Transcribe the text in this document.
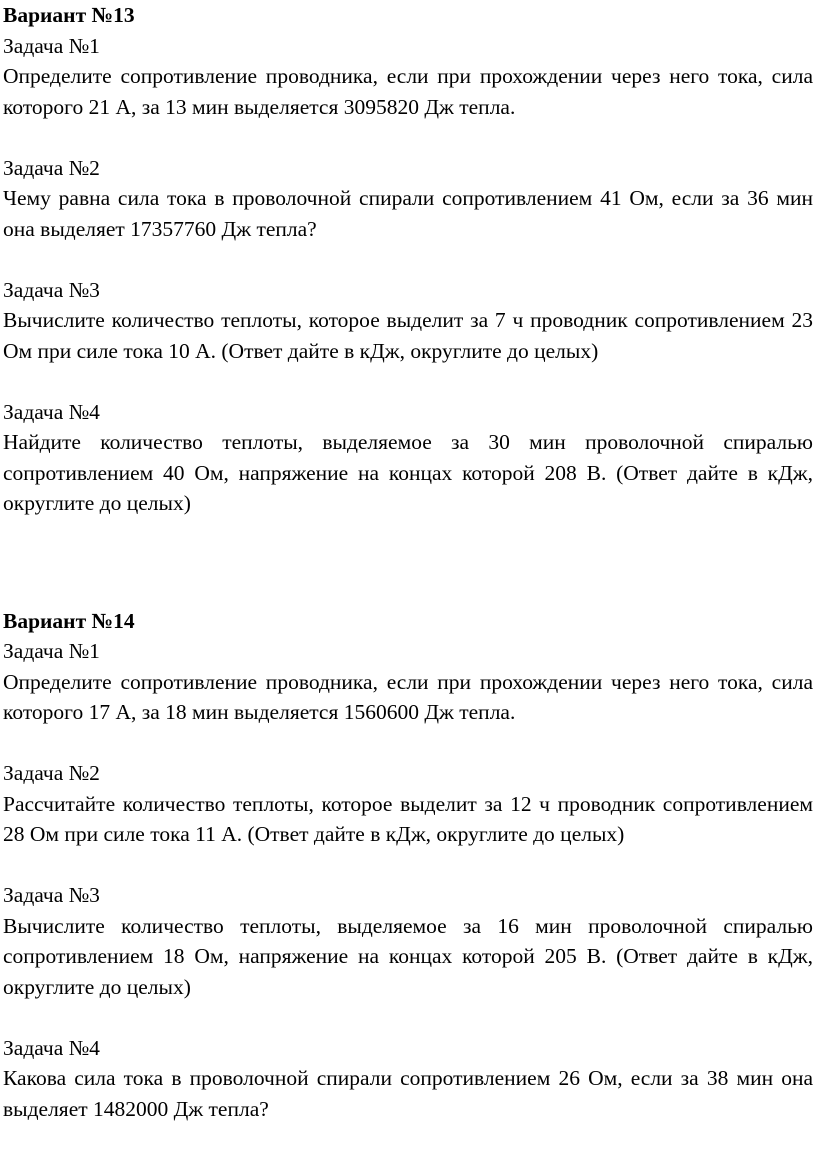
Вариант №13
Задача №1
Определите сопротивление проводника, если при прохождении через него тока, сила которого 21 А, за 13 мин выделяется 3095820 Дж тепла.
Задача №2
Чему равна сила тока в проволочной спирали сопротивлением 41 Ом, если за 36 мин она выделяет 17357760 Дж тепла?
Задача №3
Вычислите количество теплоты, которое выделит за 7 ч проводник сопротивлением 23 Ом при силе тока 10 А. (Ответ дайте в кДж, округлите до целых)
Задача №4
Найдите количество теплоты, выделяемое за 30 мин проволочной спиралью сопротивлением 40 Ом, напряжение на концах которой 208 В. (Ответ дайте в кДж, округлите до целых)
Вариант №14
Задача №1
Определите сопротивление проводника, если при прохождении через него тока, сила которого 17 А, за 18 мин выделяется 1560600 Дж тепла.
Задача №2
Рассчитайте количество теплоты, которое выделит за 12 ч проводник сопротивлением 28 Ом при силе тока 11 А. (Ответ дайте в кДж, округлите до целых)
Задача №3
Вычислите количество теплоты, выделяемое за 16 мин проволочной спиралью сопротивлением 18 Ом, напряжение на концах которой 205 В. (Ответ дайте в кДж, округлите до целых)
Задача №4
Какова сила тока в проволочной спирали сопротивлением 26 Ом, если за 38 мин она выделяет 1482000 Дж тепла?
